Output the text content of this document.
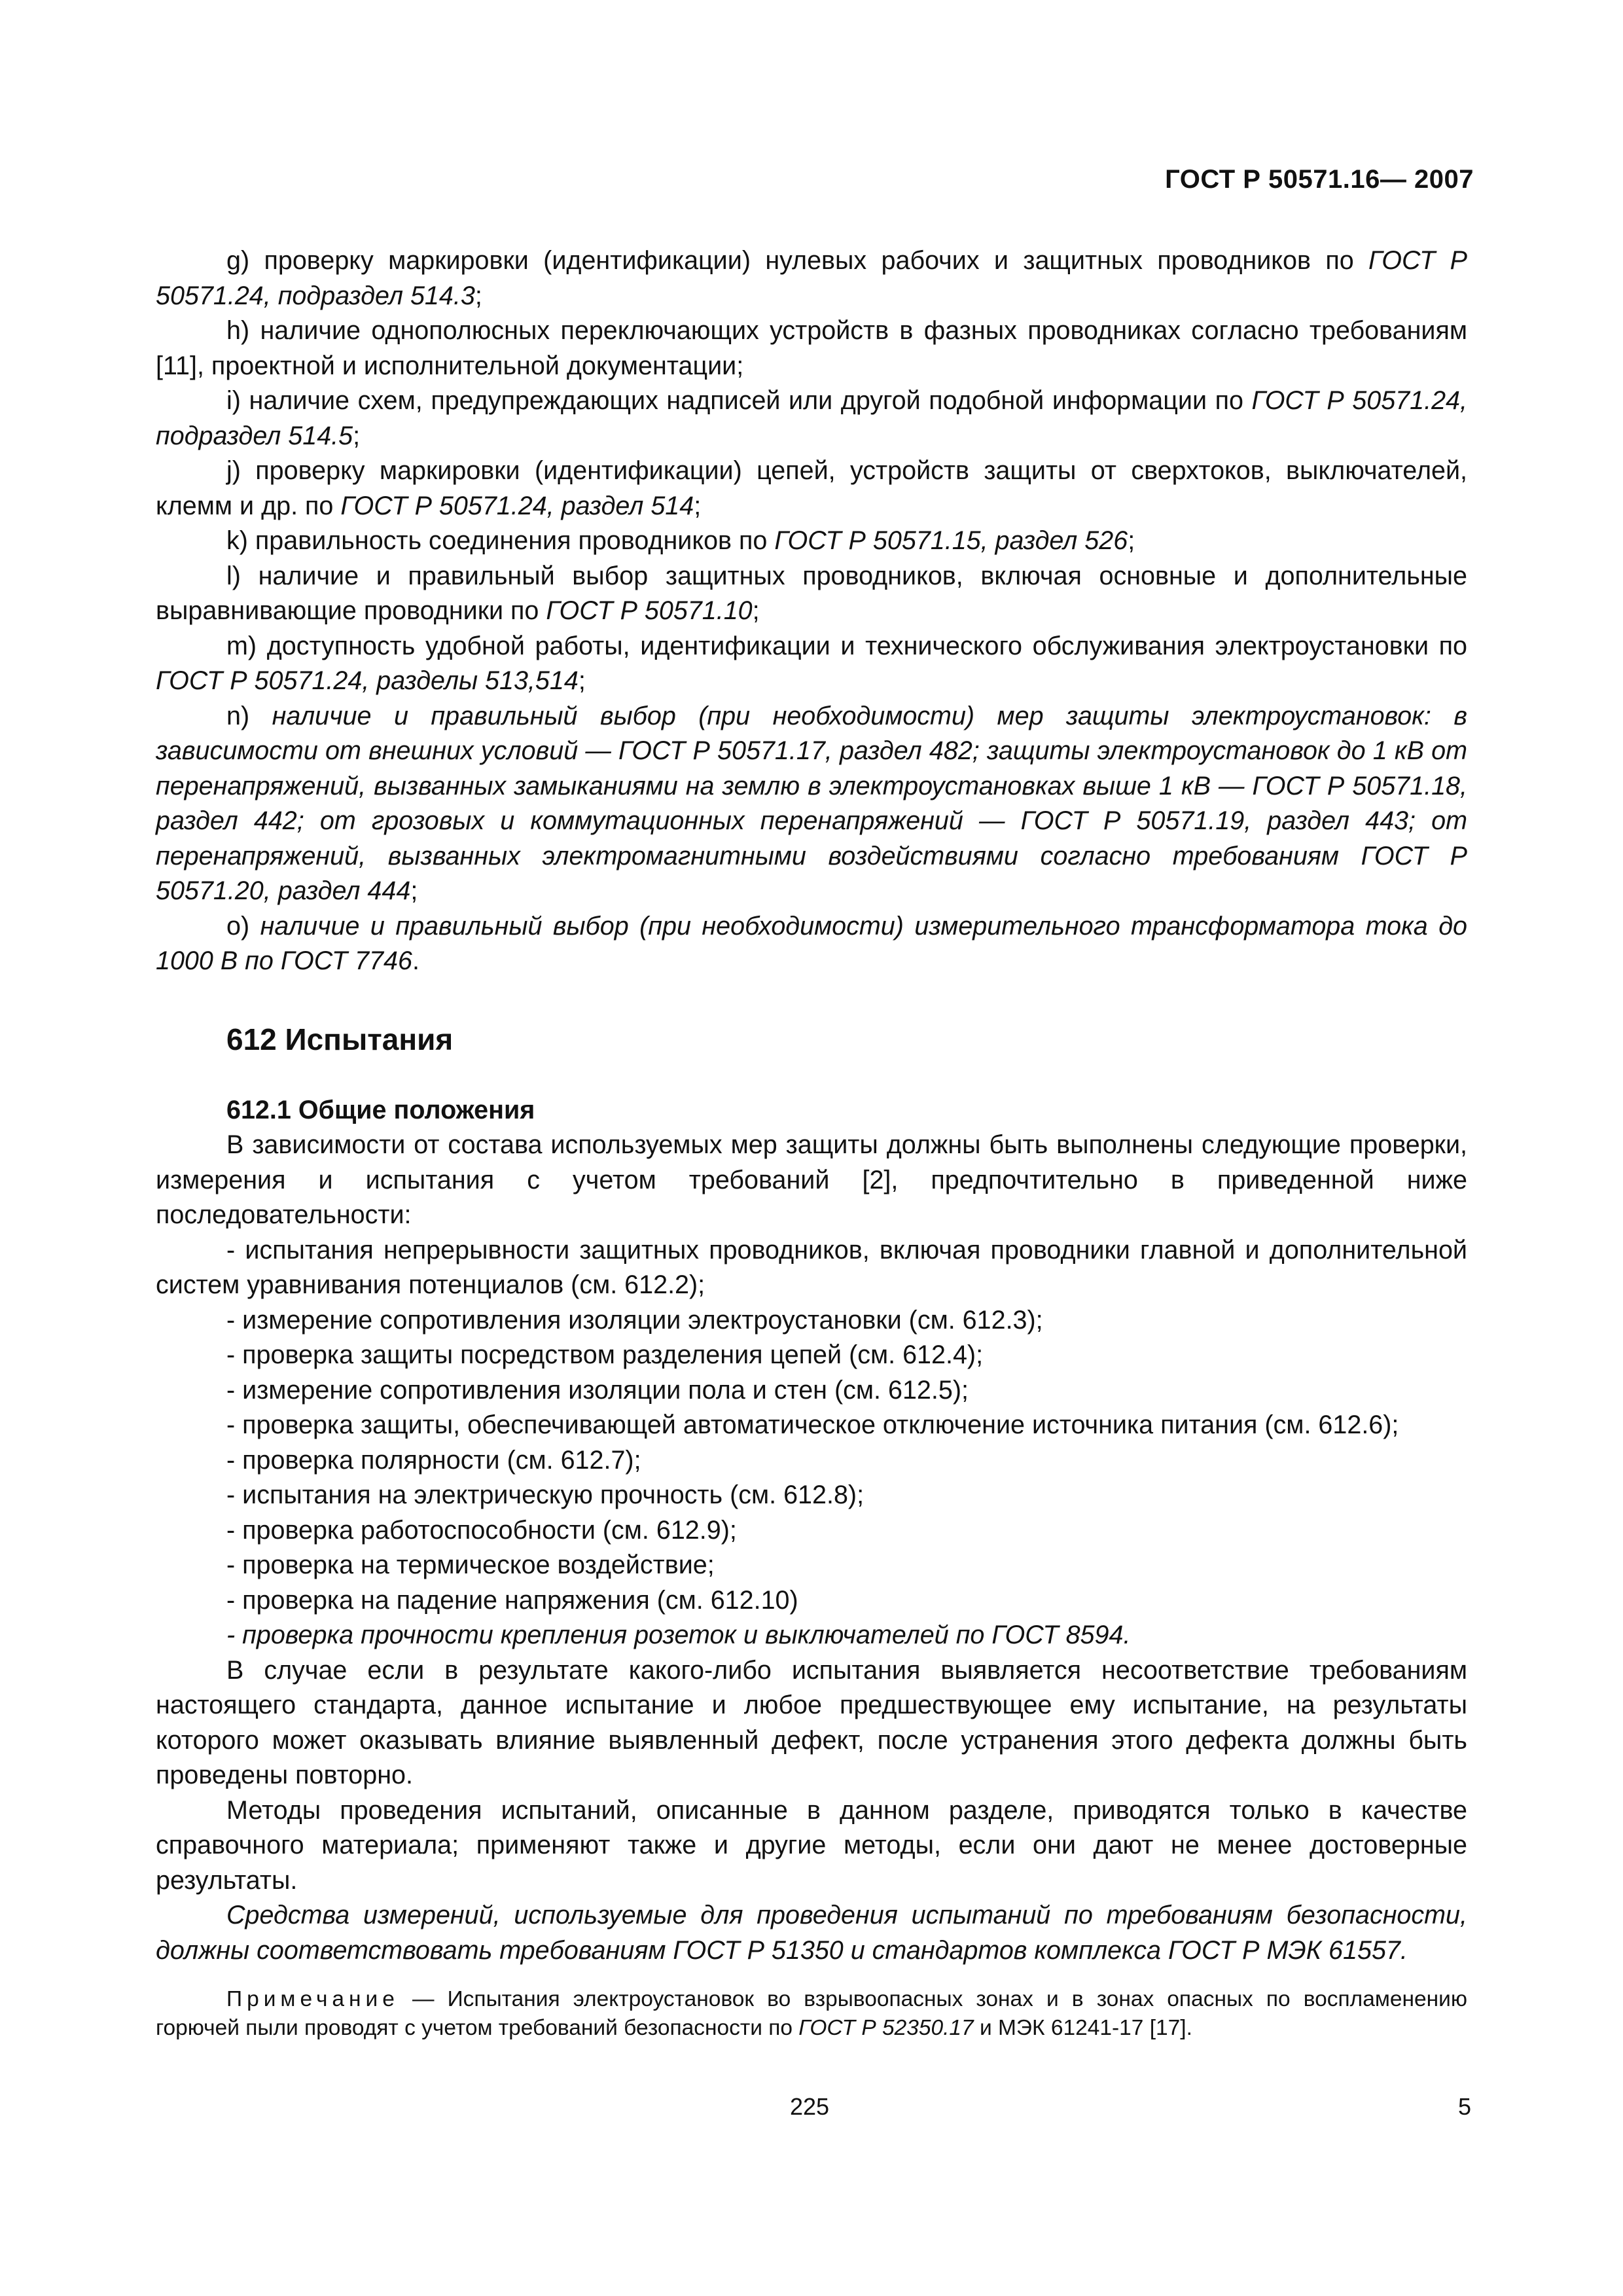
ГОСТ Р 50571.16— 2007

g) проверку маркировки (идентификации) нулевых рабочих и защитных проводников по ГОСТ Р 50571.24, подраздел 514.3;

h) наличие однополюсных переключающих устройств в фазных проводниках согласно требованиям [11], проектной и исполнительной документации;

i) наличие схем, предупреждающих надписей или другой подобной информации по ГОСТ Р 50571.24, подраздел 514.5;

j) проверку маркировки (идентификации) цепей, устройств защиты от сверхтоков, выключателей, клемм и др. по ГОСТ Р 50571.24, раздел 514;

k) правильность соединения проводников по ГОСТ Р 50571.15, раздел 526;

l) наличие и правильный выбор защитных проводников, включая основные и дополнительные выравнивающие проводники по ГОСТ Р 50571.10;

m) доступность удобной работы, идентификации и технического обслуживания электроустановки по ГОСТ Р 50571.24, разделы 513,514;

n) наличие и правильный выбор (при необходимости) мер защиты электроустановок: в зависимости от внешних условий — ГОСТ Р 50571.17, раздел 482; защиты электроустановок до 1 кВ от перенапряжений, вызванных замыканиями на землю в электроустановках выше 1 кВ — ГОСТ Р 50571.18, раздел 442; от грозовых и коммутационных перенапряжений — ГОСТ Р 50571.19, раздел 443; от перенапряжений, вызванных электромагнитными воздействиями согласно требованиям ГОСТ Р 50571.20, раздел 444;

o) наличие и правильный выбор (при необходимости) измерительного трансформатора тока до 1000 В по ГОСТ 7746.

612 Испытания
612.1 Общие положения

В зависимости от состава используемых мер защиты должны быть выполнены следующие проверки, измерения и испытания с учетом требований [2], предпочтительно в приведенной ниже последовательности:

- испытания непрерывности защитных проводников, включая проводники главной и дополнительной систем уравнивания потенциалов (см. 612.2);

- измерение сопротивления изоляции электроустановки (см. 612.3);

- проверка защиты посредством разделения цепей (см. 612.4);

- измерение сопротивления изоляции пола и стен (см. 612.5);

- проверка защиты, обеспечивающей автоматическое отключение источника питания (см. 612.6);

- проверка полярности (см. 612.7);

- испытания на электрическую прочность (см. 612.8);

- проверка работоспособности (см. 612.9);

- проверка на термическое воздействие;

- проверка на падение напряжения (см. 612.10)

- проверка прочности крепления розеток и выключателей по ГОСТ 8594.

В случае если в результате какого-либо испытания выявляется несоответствие требованиям настоящего стандарта, данное испытание и любое предшествующее ему испытание, на результаты которого может оказывать влияние выявленный дефект, после устранения этого дефекта должны быть проведены повторно.

Методы проведения испытаний, описанные в данном разделе, приводятся только в качестве справочного материала; применяют также и другие методы, если они дают не менее достоверные результаты.

Средства измерений, используемые для проведения испытаний по требованиям безопасности, должны соответствовать требованиям ГОСТ Р 51350 и стандартов комплекса ГОСТ Р МЭК 61557.

Примечание — Испытания электроустановок во взрывоопасных зонах и в зонах опасных по воспламенению горючей пыли проводят с учетом требований безопасности по ГОСТ Р 52350.17 и МЭК 61241-17 [17].
225	5
